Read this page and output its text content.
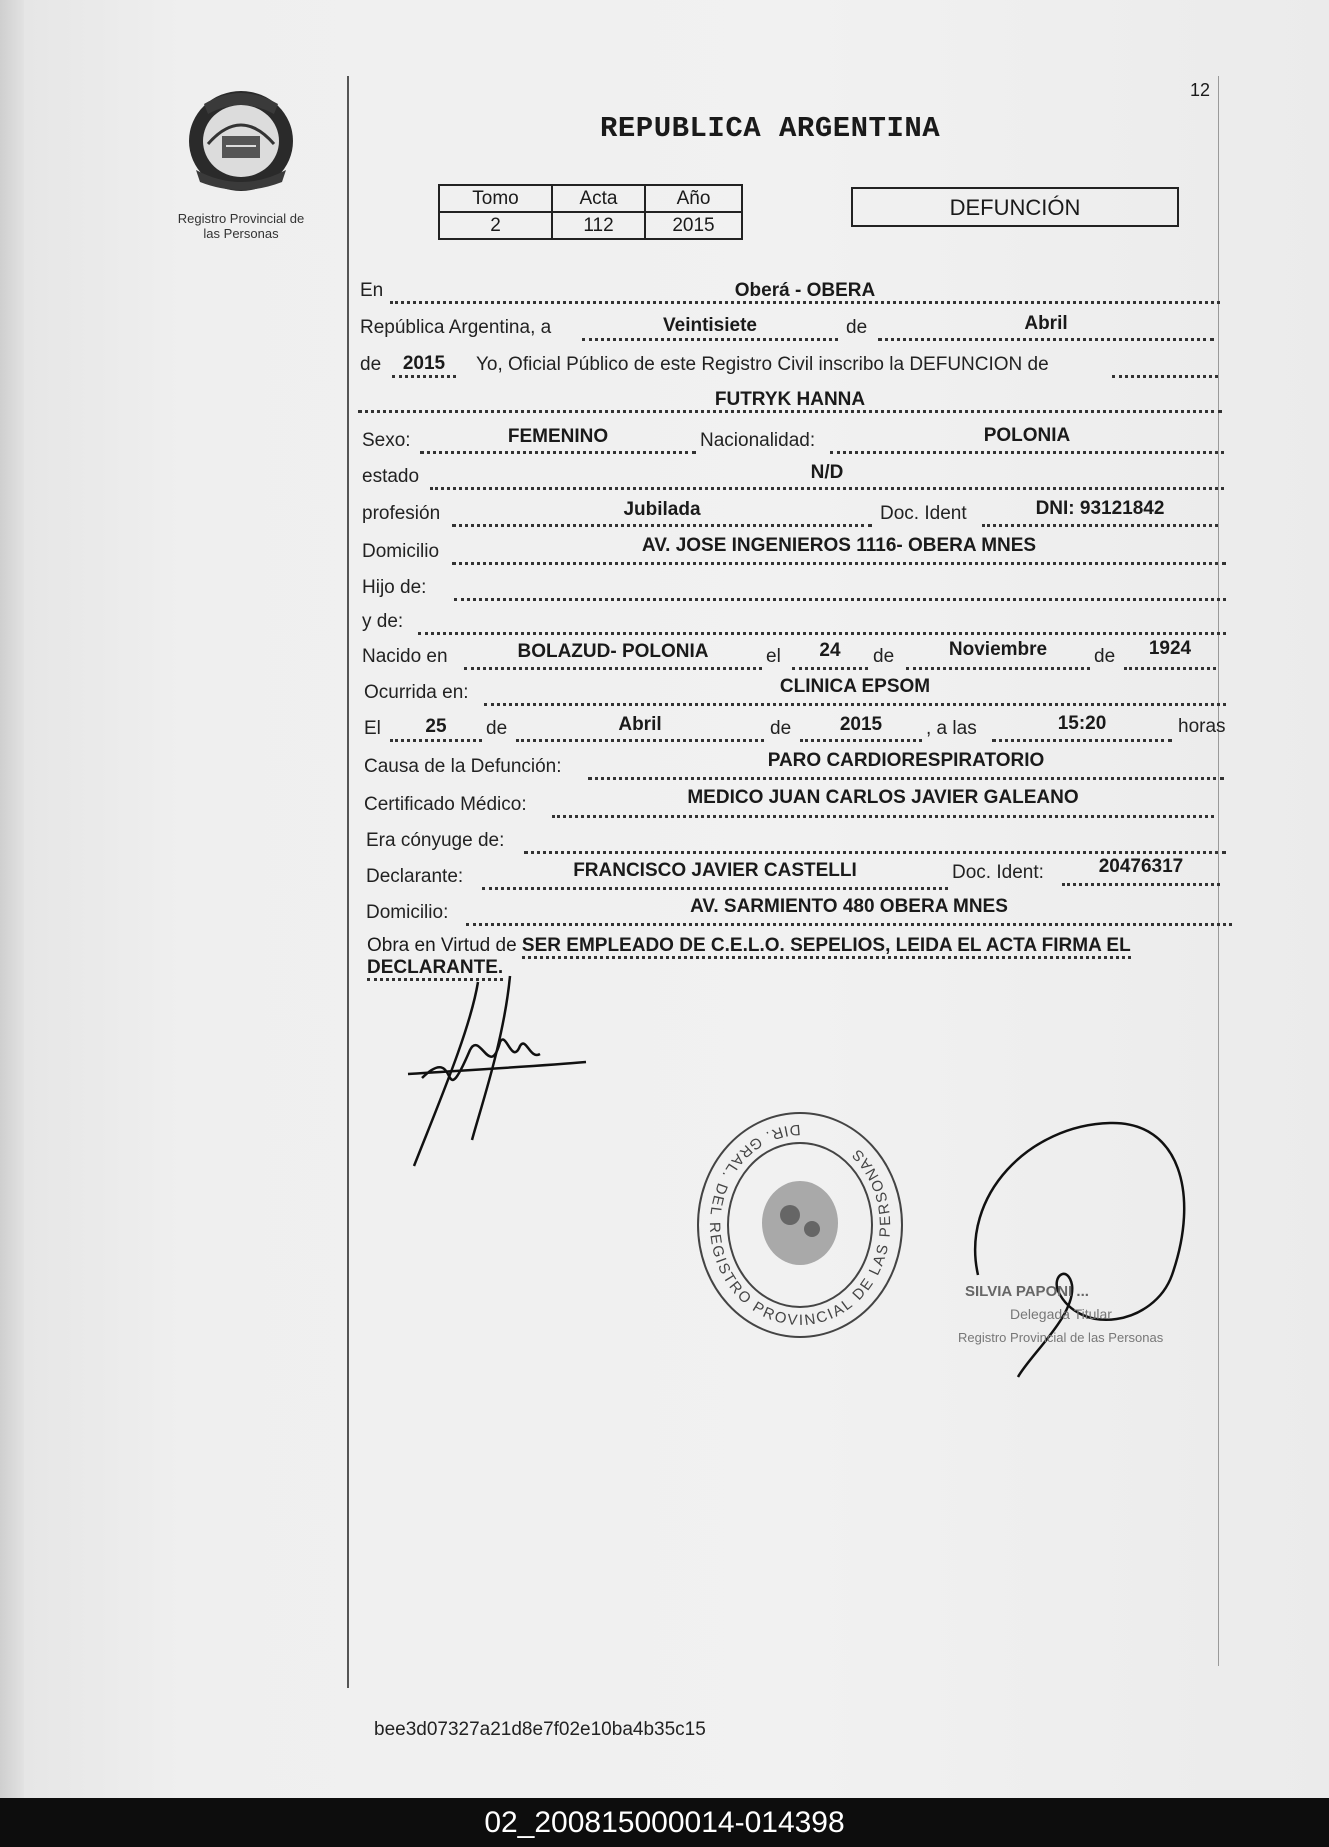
12
Registro Provincial de
las Personas
REPUBLICA ARGENTINA
Tomo	Acta	Año
2	112	2015
DEFUNCIÓN
En	Oberá - OBERA
República Argentina, a	Veintisiete	de	Abril
de	2015	Yo, Oficial Público de este Registro Civil inscribo la DEFUNCION de
FUTRYK HANNA
Sexo:	FEMENINO	Nacionalidad:	POLONIA
estado	N/D
profesión	Jubilada	Doc. Ident	DNI: 93121842
Domicilio	AV. JOSE INGENIEROS 1116- OBERA MNES
Hijo de:
y de:
Nacido en	BOLAZUD- POLONIA	el	24	de	Noviembre	de	1924
Ocurrida en:	CLINICA EPSOM
El	25	de	Abril	de	2015	, a las	15:20	horas
Causa de la Defunción:	PARO CARDIORESPIRATORIO
Certificado Médico:	MEDICO JUAN CARLOS JAVIER GALEANO
Era cónyuge de:
Declarante:	FRANCISCO JAVIER CASTELLI	Doc. Ident:	20476317
Domicilio:	AV. SARMIENTO 480 OBERA MNES
Obra en Virtud de SER EMPLEADO DE C.E.L.O. SEPELIOS, LEIDA EL ACTA FIRMA EL
DECLARANTE.
DIR. GRAL. DEL REGISTRO PROVINCIAL DE LAS PERSONAS
SILVIA PAPONI ...
Delegada Titular
Registro Provincial de las Personas
bee3d07327a21d8e7f02e10ba4b35c15
02_200815000014-014398
